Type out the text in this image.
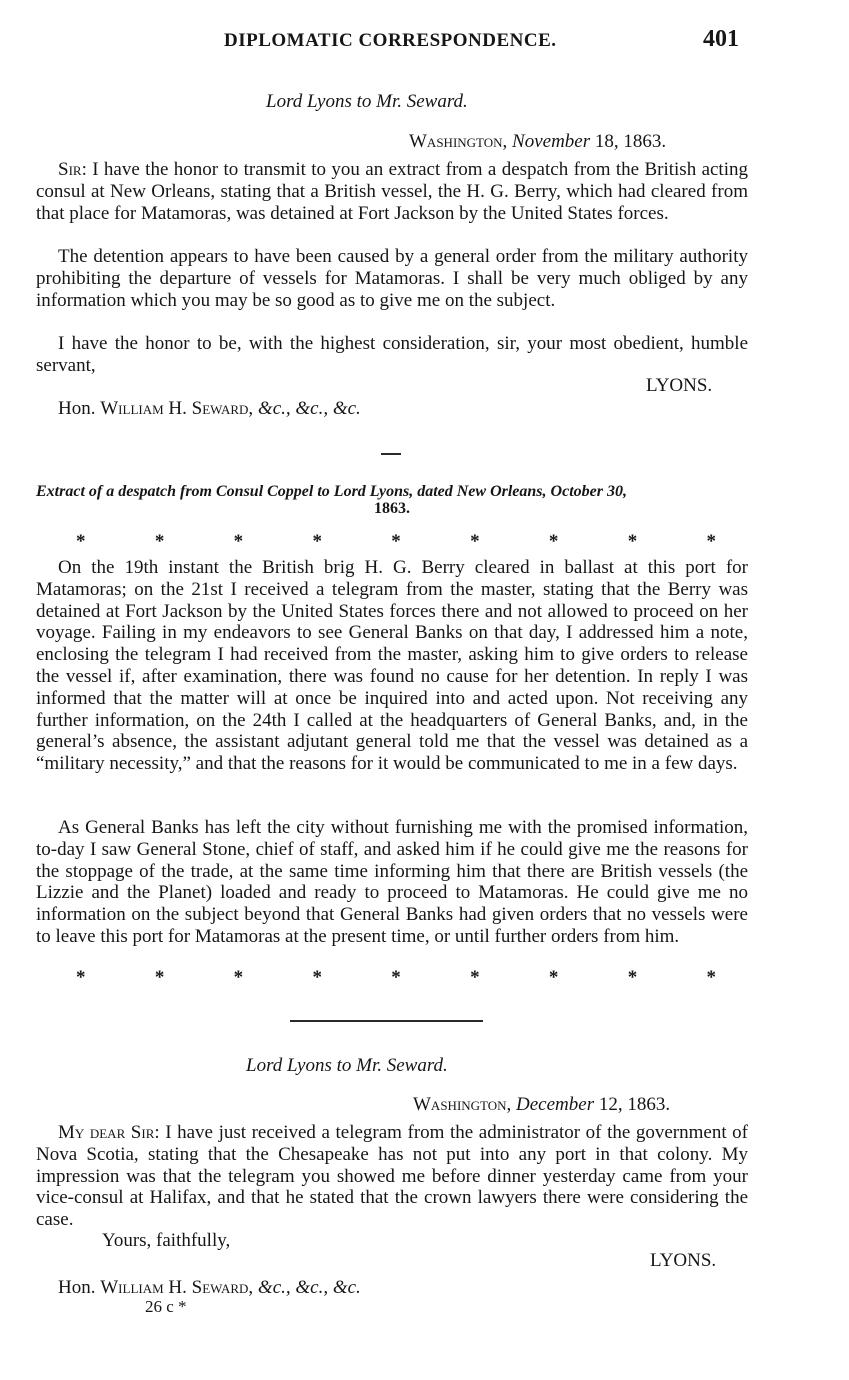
DIPLOMATIC CORRESPONDENCE.	401
Lord Lyons to Mr. Seward.
Washington, November 18, 1863.
Sir: I have the honor to transmit to you an extract from a despatch from the British acting consul at New Orleans, stating that a British vessel, the H. G. Berry, which had cleared from that place for Matamoras, was detained at Fort Jackson by the United States forces.
The detention appears to have been caused by a general order from the military authority prohibiting the departure of vessels for Matamoras. I shall be very much obliged by any information which you may be so good as to give me on the subject.
I have the honor to be, with the highest consideration, sir, your most obedient, humble servant,
LYONS.
Hon. William H. Seward, &c., &c., &c.
Extract of a despatch from Consul Coppel to Lord Lyons, dated New Orleans, October 30,
1863.
*	*	*	*	*	*	*	*	*
On the 19th instant the British brig H. G. Berry cleared in ballast at this port for Matamoras; on the 21st I received a telegram from the master, stating that the Berry was detained at Fort Jackson by the United States forces there and not allowed to proceed on her voyage. Failing in my endeavors to see General Banks on that day, I addressed him a note, enclosing the telegram I had received from the master, asking him to give orders to release the vessel if, after examination, there was found no cause for her detention. In reply I was informed that the matter will at once be inquired into and acted upon. Not receiving any further information, on the 24th I called at the headquarters of General Banks, and, in the general’s absence, the assistant adjutant general told me that the vessel was detained as a “military necessity,” and that the reasons for it would be communicated to me in a few days.
As General Banks has left the city without furnishing me with the promised information, to-day I saw General Stone, chief of staff, and asked him if he could give me the reasons for the stoppage of the trade, at the same time informing him that there are British vessels (the Lizzie and the Planet) loaded and ready to proceed to Matamoras. He could give me no information on the subject beyond that General Banks had given orders that no vessels were to leave this port for Matamoras at the present time, or until further orders from him.
*	*	*	*	*	*	*	*	*
Lord Lyons to Mr. Seward.
Washington, December 12, 1863.
My dear Sir: I have just received a telegram from the administrator of the government of Nova Scotia, stating that the Chesapeake has not put into any port in that colony. My impression was that the telegram you showed me before dinner yesterday came from your vice-consul at Halifax, and that he stated that the crown lawyers there were considering the case.
Yours, faithfully,
LYONS.
Hon. William H. Seward, &c., &c., &c.
26 c *
